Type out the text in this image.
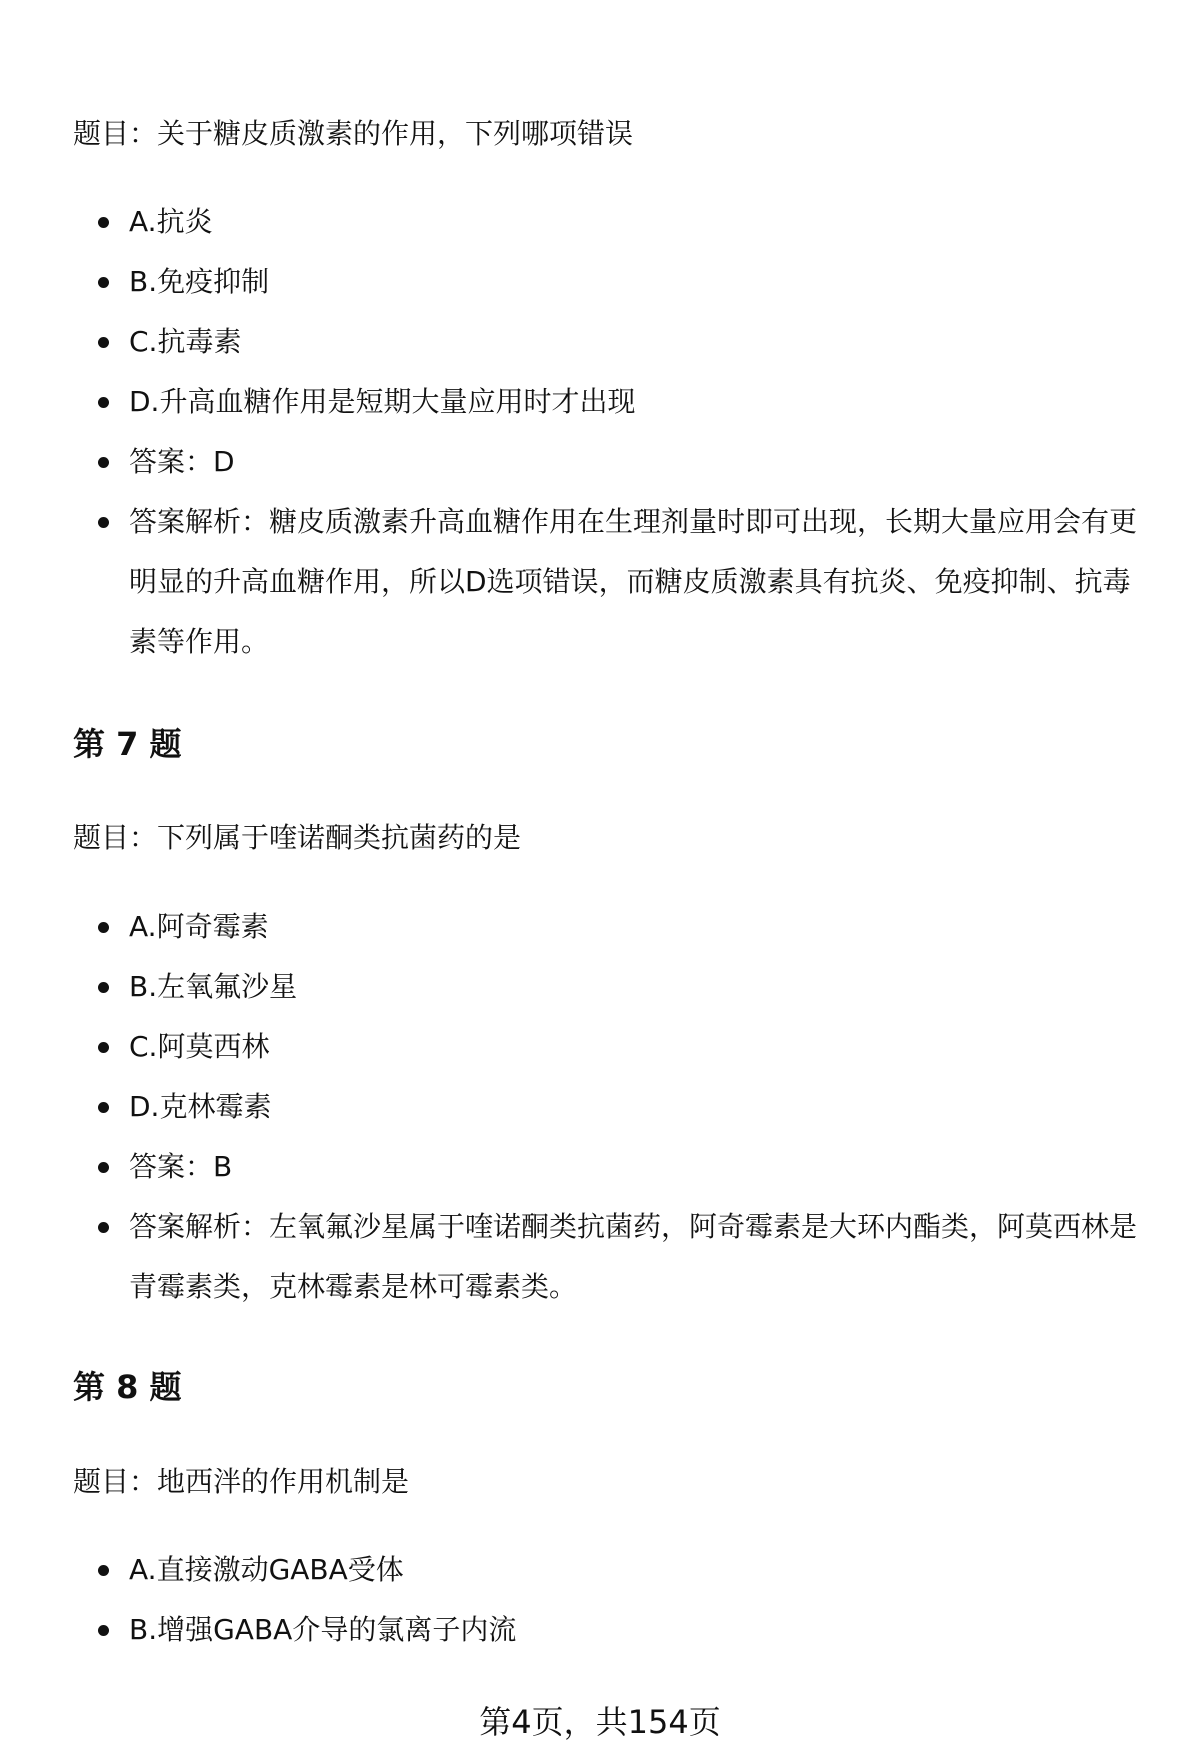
题目：关于糖皮质激素的作用，下列哪项错误

A.抗炎
B.免疫抑制
C.抗毒素
D.升高血糖作用是短期大量应用时才出现
答案：D
答案解析：糖皮质激素升高血糖作用在生理剂量时即可出现，长期大量应用会有更明显的升高血糖作用，所以D选项错误，而糖皮质激素具有抗炎、免疫抑制、抗毒素等作用。
第 7 题

题目：下列属于喹诺酮类抗菌药的是

A.阿奇霉素
B.左氧氟沙星
C.阿莫西林
D.克林霉素
答案：B
答案解析：左氧氟沙星属于喹诺酮类抗菌药，阿奇霉素是大环内酯类，阿莫西林是青霉素类，克林霉素是林可霉素类。
第 8 题

题目：地西泮的作用机制是

A.直接激动GABA受体
B.增强GABA介导的氯离子内流
第4页，共154页
